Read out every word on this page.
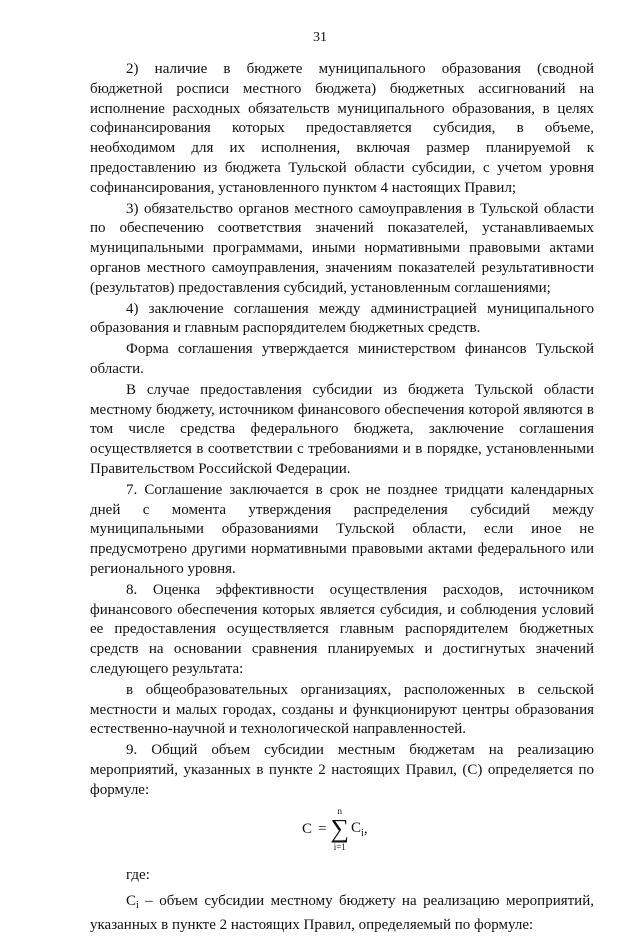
31

2) наличие в бюджете муниципального образования (сводной бюджетной росписи местного бюджета) бюджетных ассигнований на исполнение расходных обязательств муниципального образования, в целях софинансирования которых предоставляется субсидия, в объеме, необходимом для их исполнения, включая размер планируемой к предоставлению из бюджета Тульской области субсидии, с учетом уровня софинансирования, установленного пунктом 4 настоящих Правил;

3) обязательство органов местного самоуправления в Тульской области по обеспечению соответствия значений показателей, устанавливаемых муниципальными программами, иными нормативными правовыми актами органов местного самоуправления, значениям показателей результативности (результатов) предоставления субсидий, установленным соглашениями;

4) заключение соглашения между администрацией муниципального образования и главным распорядителем бюджетных средств.

Форма соглашения утверждается министерством финансов Тульской области.

В случае предоставления субсидии из бюджета Тульской области местному бюджету, источником финансового обеспечения которой являются в том числе средства федерального бюджета, заключение соглашения осуществляется в соответствии с требованиями и в порядке, установленными Правительством Российской Федерации.

7. Соглашение заключается в срок не позднее тридцати календарных дней с момента утверждения распределения субсидий между муниципальными образованиями Тульской области, если иное не предусмотрено другими нормативными правовыми актами федерального или регионального уровня.

8. Оценка эффективности осуществления расходов, источником финансового обеспечения которых является субсидия, и соблюдения условий ее предоставления осуществляется главным распорядителем бюджетных средств на основании сравнения планируемых и достигнутых значений следующего результата:

в общеобразовательных организациях, расположенных в сельской местности и малых городах, созданы и функционируют центры образования естественно-научной и технологической направленностей.

9. Общий объем субсидии местным бюджетам на реализацию мероприятий, указанных в пункте 2 настоящих Правил, (С) определяется по формуле:

С =
n
∑
i=1
$С_i$ ,
где:

$С_i$ – объем субсидии местному бюджету на реализацию мероприятий, указанных в пункте 2 настоящих Правил, определяемый по формуле:
